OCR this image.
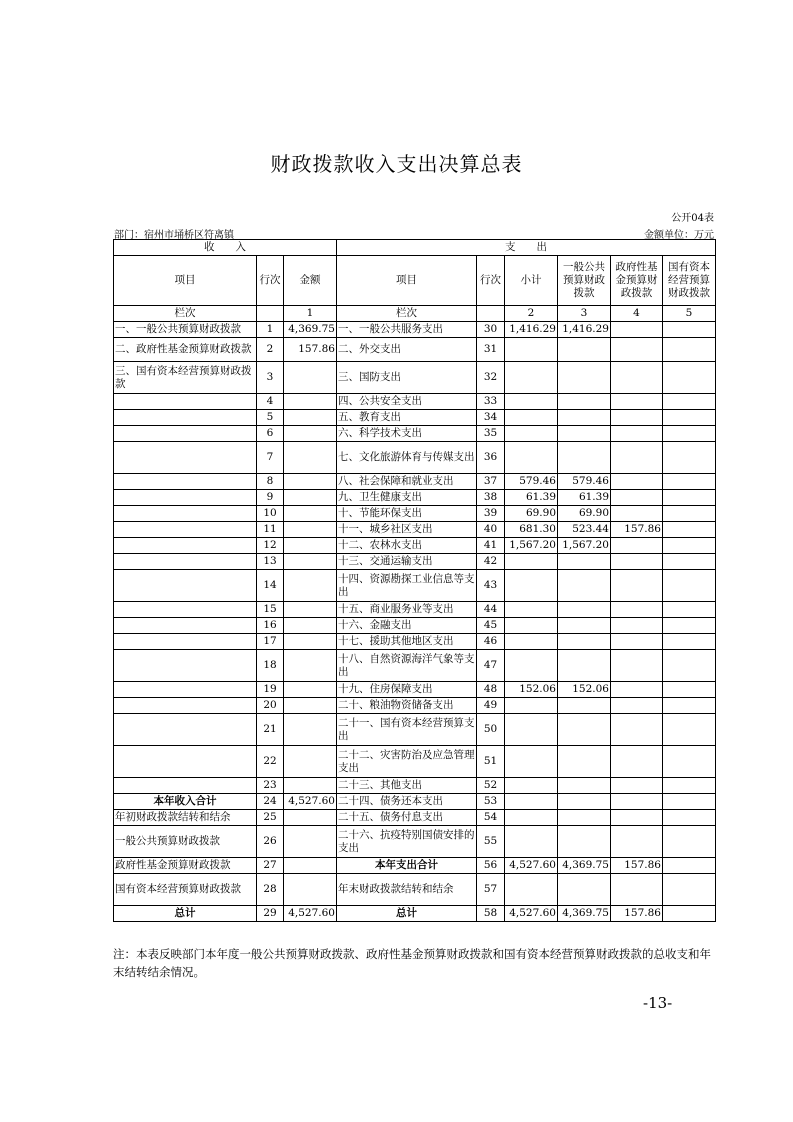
财政拨款收入支出决算总表
公开04表
部门：宿州市埇桥区符离镇	金额单位：万元
收　　入			支　　出					
项目	行次	金额	项目	行次	小计	一般公共预算财政拨款	政府性基金预算财政拨款	国有资本经营预算财政拨款
栏次		1	栏次		2	3	4	5
一、一般公共预算财政拨款	1	4,369.75	一、一般公共服务支出	30	1,416.29	1,416.29		
二、政府性基金预算财政拨款	2	157.86	二、外交支出	31				
三、国有资本经营预算财政拨款	3		三、国防支出	32				
	4		四、公共安全支出	33				
	5		五、教育支出	34				
	6		六、科学技术支出	35				
	7		七、文化旅游体育与传媒支出	36				
	8		八、社会保障和就业支出	37	579.46	579.46		
	9		九、卫生健康支出	38	61.39	61.39		
	10		十、节能环保支出	39	69.90	69.90		
	11		十一、城乡社区支出	40	681.30	523.44	157.86	
	12		十二、农林水支出	41	1,567.20	1,567.20		
	13		十三、交通运输支出	42				
	14		十四、资源勘探工业信息等支出	43				
	15		十五、商业服务业等支出	44				
	16		十六、金融支出	45				
	17		十七、援助其他地区支出	46				
	18		十八、自然资源海洋气象等支出	47				
	19		十九、住房保障支出	48	152.06	152.06		
	20		二十、粮油物资储备支出	49				
	21		二十一、国有资本经营预算支出	50				
	22		二十二、灾害防治及应急管理支出	51				
	23		二十三、其他支出	52				
本年收入合计	24	4,527.60	二十四、债务还本支出	53				
年初财政拨款结转和结余	25		二十五、债务付息支出	54				
一般公共预算财政拨款	26		二十六、抗疫特别国债安排的支出	55				
政府性基金预算财政拨款	27		本年支出合计	56	4,527.60	4,369.75	157.86	
国有资本经营预算财政拨款	28		年末财政拨款结转和结余	57				
总计	29	4,527.60	总计	58	4,527.60	4,369.75	157.86	
注：本表反映部门本年度一般公共预算财政拨款、政府性基金预算财政拨款和国有资本经营预算财政拨款的总收支和年末结转结余情况。
-13-
